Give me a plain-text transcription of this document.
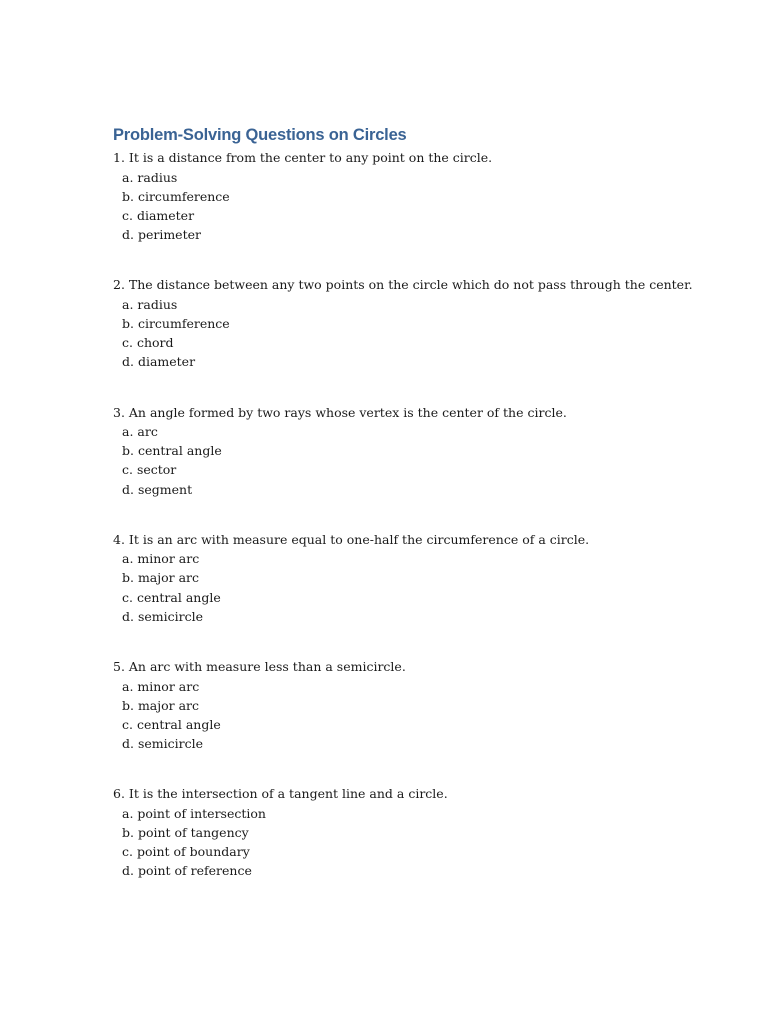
Problem-Solving Questions on Circles
1. It is a distance from the center to any point on the circle.
a. radius
b. circumference
c. diameter
d. perimeter
2. The distance between any two points on the circle which do not pass through the center.
a. radius
b. circumference
c. chord
d. diameter
3. An angle formed by two rays whose vertex is the center of the circle.
a. arc
b. central angle
c. sector
d. segment
4. It is an arc with measure equal to one-half the circumference of a circle.
a. minor arc
b. major arc
c. central angle
d. semicircle
5. An arc with measure less than a semicircle.
a. minor arc
b. major arc
c. central angle
d. semicircle
6. It is the intersection of a tangent line and a circle.
a. point of intersection
b. point of tangency
c. point of boundary
d. point of reference
